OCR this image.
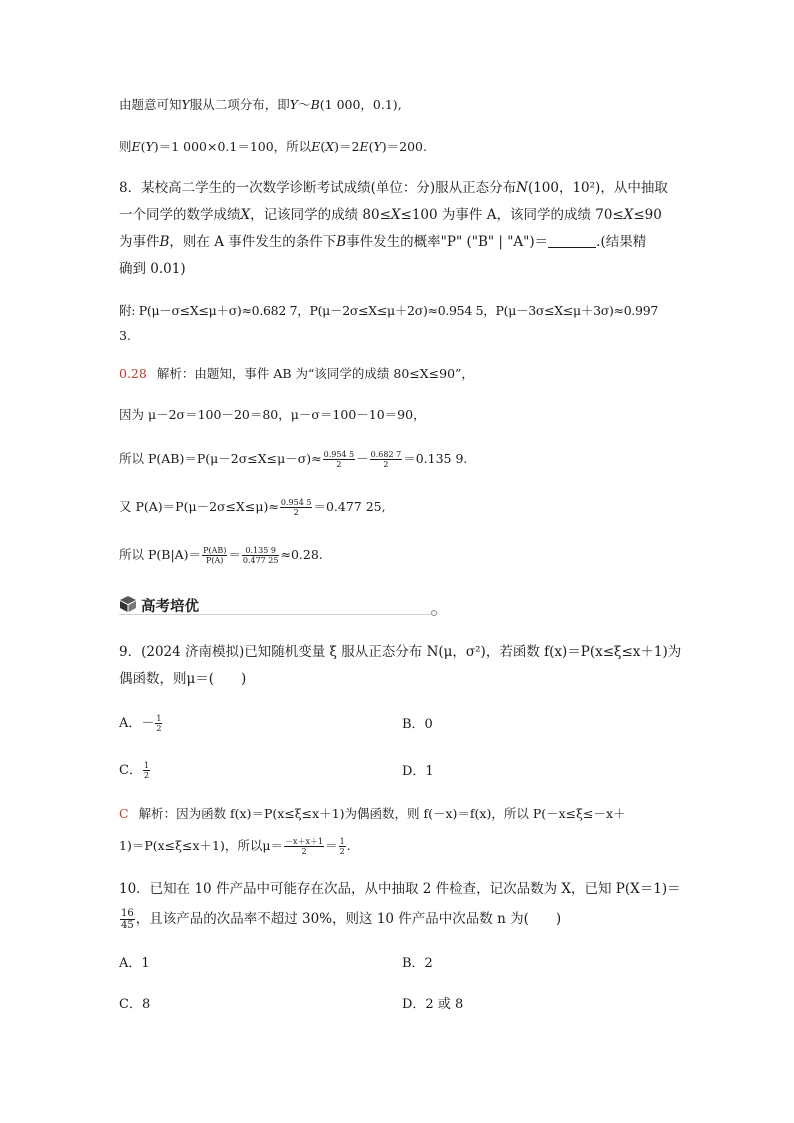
由题意可知Y服从二项分布，即Y～B(1 000，0.1),
则E(Y)＝1 000×0.1＝100，所以E(X)＝2E(Y)＝200.
8．某校高二学生的一次数学诊断考试成绩(单位：分)服从正态分布N(100，10²)，从中抽取
一个同学的数学成绩X，记该同学的成绩 80≤X≤100 为事件 A，该同学的成绩 70≤X≤90
为事件B，则在 A 事件发生的条件下B事件发生的概率"P" ("B" | "A")＝	.(结果精
确到 0.01)
附: P(μ－σ≤X≤μ＋σ)≈0.682 7，P(μ－2σ≤X≤μ＋2σ)≈0.954 5，P(μ－3σ≤X≤μ＋3σ)≈0.997
3.
0.28 解析：由题知，事件 AB 为“该同学的成绩 80≤X≤90”，
因为 μ－2σ＝100－20＝80，μ－σ＝100－10＝90，
所以 $P(AB)=P(\mu-2\sigma\le X\le\mu-\sigma)\approx \frac{0.954 5}{2} - \frac{0.682 7}{2} =0.135$ 9.
又 $P(A)=P(\mu-2\sigma\le X\le\mu)\approx \frac{0.954 5}{2} =0.477$ 25,
所以 $P(B|A)= \frac{P(AB)}{P(A)} = \frac{0.135 9}{0.477 25} \approx 0.28$.
高考培优
9．(2024 济南模拟)已知随机变量 ξ 服从正态分布 N(μ，σ²)，若函数 f(x)＝P(x≤ξ≤x＋1)为
偶函数，则μ＝(　　)
A．－ $\frac{1}{2}$	B．0
C． $\frac{1}{2}$	D．1
C 解析：因为函数 f(x)＝P(x≤ξ≤x＋1)为偶函数，则 f(－x)＝f(x)，所以 P(－x≤ξ≤－x＋
1)＝P(x≤ξ≤x＋1)，所以$\mu= \frac{-x+x+1}{2} = \frac{1}{2}$ .
10．已知在 10 件产品中可能存在次品，从中抽取 2 件检查，记次品数为 X，已知 P(X＝1)＝
$\frac{16}{45}$ ，且该产品的次品率不超过 30%，则这 10 件产品中次品数 n 为(　　)
A．1	B．2
C．8	D．2 或 8
